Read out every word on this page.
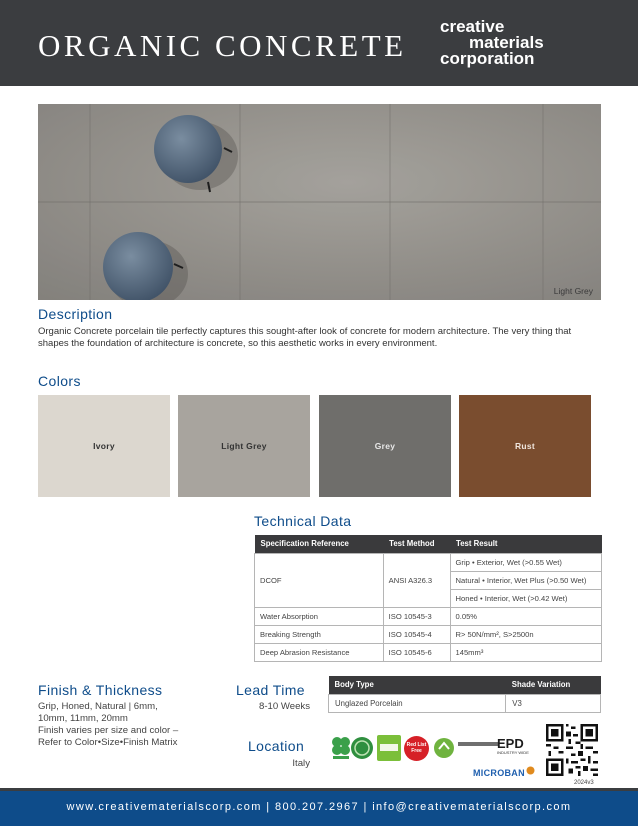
ORGANIC CONCRETE
creative
materials
corporation
Light Grey
Description
Organic Concrete porcelain tile perfectly captures this sought-after look of concrete for modern architecture. The very thing that shapes the foundation of architecture is concrete, so this aesthetic works in every environment.
Colors
Ivory	Light Grey	Grey	Rust
Technical Data
Specification Reference	Test Method	Test Result
DCOF	ANSI A326.3	Grip • Exterior, Wet (>0.55 Wet)
		Natural • Interior, Wet Plus (>0.50 Wet)
		Honed • Interior, Wet (>0.42 Wet)
Water Absorption	ISO 10545-3	0.05%
Breaking Strength	ISO 10545-4	R> 50N/mm², S>2500n
Deep Abrasion Resistance	ISO 10545-6	145mm³
Finish & Thickness
Grip, Honed, Natural | 6mm,
10mm, 11mm, 20mm
Finish varies per size and color –
Refer to Color•Size•Finish Matrix
Lead Time
8-10 Weeks
Location
Italy
Body Type	Shade Variation
Unglazed Porcelain	V3
Red List
Free	EPD
INDUSTRY WIDE
MICROBAN
2024v3
www.creativematerialscorp.com | 800.207.2967 | info@creativematerialscorp.com
